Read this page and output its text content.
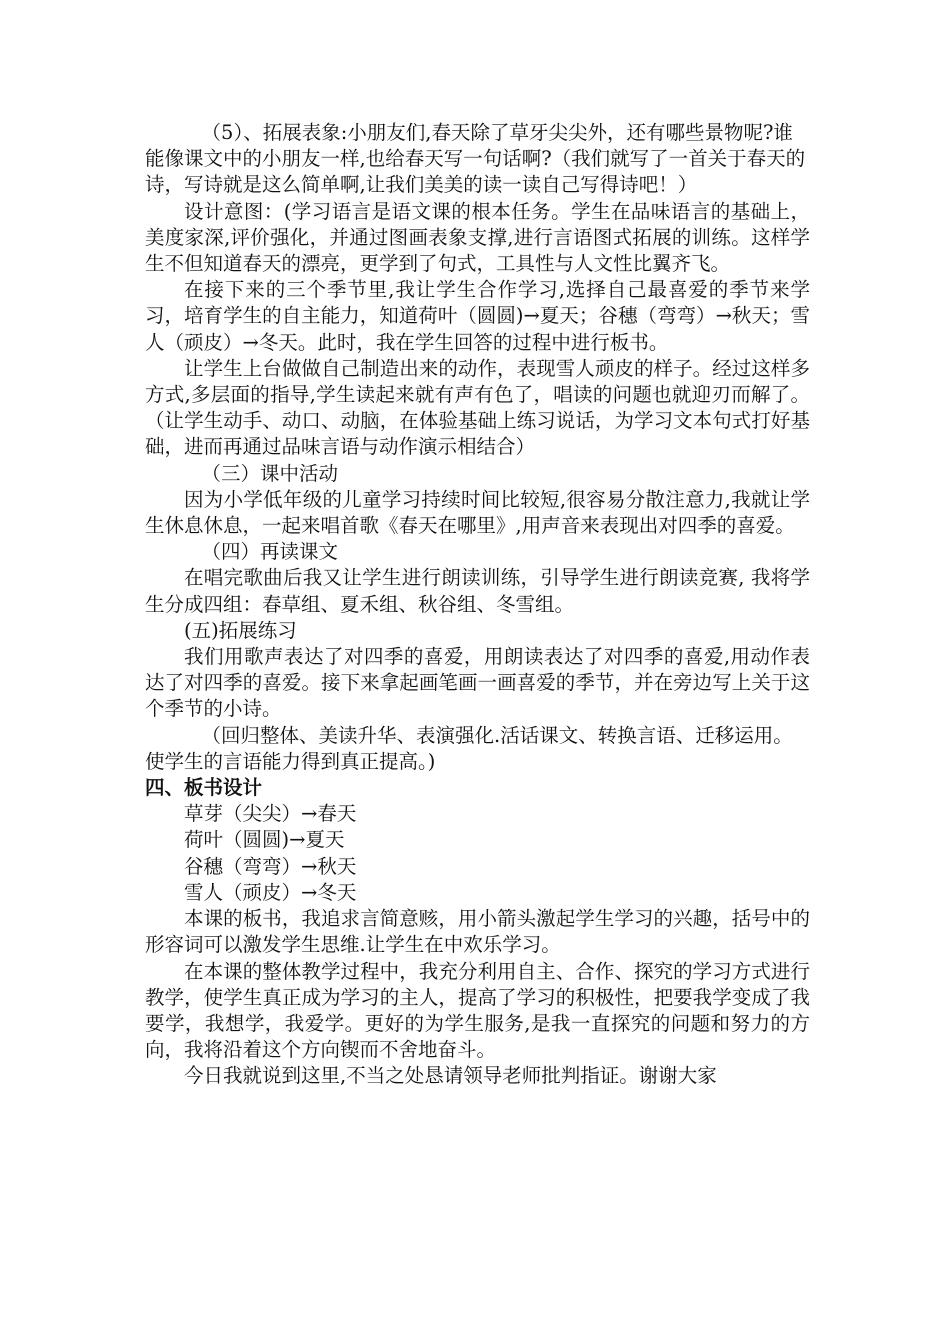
（5）、拓展表象:小朋友们,春天除了草牙尖尖外，还有哪些景物呢?谁能像课文中的小朋友一样,也给春天写一句话啊?（我们就写了一首关于春天的诗，写诗就是这么简单啊,让我们美美的读一读自己写得诗吧！）

设计意图：(学习语言是语文课的根本任务。学生在品味语言的基础上，美度家深,评价强化，并通过图画表象支撑,进行言语图式拓展的训练。这样学生不但知道春天的漂亮，更学到了句式，工具性与人文性比翼齐飞。

在接下来的三个季节里,我让学生合作学习,选择自己最喜爱的季节来学习，培育学生的自主能力，知道荷叶（圆圆)→夏天；谷穗（弯弯）→秋天；雪人（顽皮）→冬天。此时，我在学生回答的过程中进行板书。

让学生上台做做自己制造出来的动作，表现雪人顽皮的样子。经过这样多方式,多层面的指导,学生读起来就有声有色了，唱读的问题也就迎刃而解了。（让学生动手、动口、动脑，在体验基础上练习说话，为学习文本句式打好基础，进而再通过品味言语与动作演示相结合）

（三）课中活动

因为小学低年级的儿童学习持续时间比较短,很容易分散注意力,我就让学生休息休息，一起来唱首歌《春天在哪里》,用声音来表现出对四季的喜爱。

（四）再读课文

在唱完歌曲后我又让学生进行朗读训练，引导学生进行朗读竞赛, 我将学生分成四组：春草组、夏禾组、秋谷组、冬雪组。

(五)拓展练习

我们用歌声表达了对四季的喜爱，用朗读表达了对四季的喜爱,用动作表达了对四季的喜爱。接下来拿起画笔画一画喜爱的季节，并在旁边写上关于这个季节的小诗。

（回归整体、美读升华、表演强化.活话课文、转换言语、迁移运用。使学生的言语能力得到真正提高。)

四、板书设计

草芽（尖尖）→春天

荷叶（圆圆)→夏天

谷穗（弯弯）→秋天

雪人（顽皮）→冬天

本课的板书，我追求言简意赅，用小箭头激起学生学习的兴趣，括号中的形容词可以激发学生思维.让学生在中欢乐学习。

在本课的整体教学过程中，我充分利用自主、合作、探究的学习方式进行教学，使学生真正成为学习的主人，提高了学习的积极性，把要我学变成了我要学，我想学，我爱学。更好的为学生服务,是我一直探究的问题和努力的方向，我将沿着这个方向锲而不舍地奋斗。

今日我就说到这里,不当之处恳请领导老师批判指证。谢谢大家
